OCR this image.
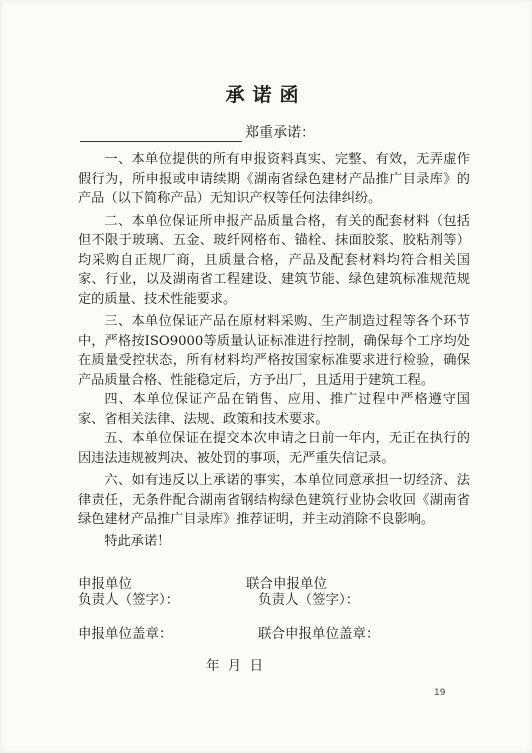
承诺函
郑重承诺：

一、本单位提供的所有申报资料真实、完整、有效，无弄虚作假行为，所申报或申请续期《湖南省绿色建材产品推广目录库》的产品（以下简称产品）无知识产权等任何法律纠纷。

二、本单位保证所申报产品质量合格，有关的配套材料（包括但不限于玻璃、五金、玻纤网格布、锚栓、抹面胶浆、胶粘剂等）均采购自正规厂商，且质量合格，产品及配套材料均符合相关国家、行业，以及湖南省工程建设、建筑节能、绿色建筑标准规范规定的质量、技术性能要求。

三、本单位保证产品在原材料采购、生产制造过程等各个环节中，严格按ISO9000等质量认证标准进行控制，确保每个工序均处在质量受控状态，所有材料均严格按国家标准要求进行检验，确保产品质量合格、性能稳定后，方予出厂，且适用于建筑工程。

四、本单位保证产品在销售、应用、推广过程中严格遵守国家、省相关法律、法规、政策和技术要求。

五、本单位保证在提交本次申请之日前一年内，无正在执行的因违法违规被判决、被处罚的事项，无严重失信记录。

六、如有违反以上承诺的事实，本单位同意承担一切经济、法律责任，无条件配合湖南省钢结构绿色建筑行业协会收回《湖南省绿色建材产品推广目录库》推荐证明，并主动消除不良影响。

特此承诺！

申报单位
负责人（签字）：
联合申报单位
负责人（签字）：
申报单位盖章：	联合申报单位盖章：
年 月 日
19
